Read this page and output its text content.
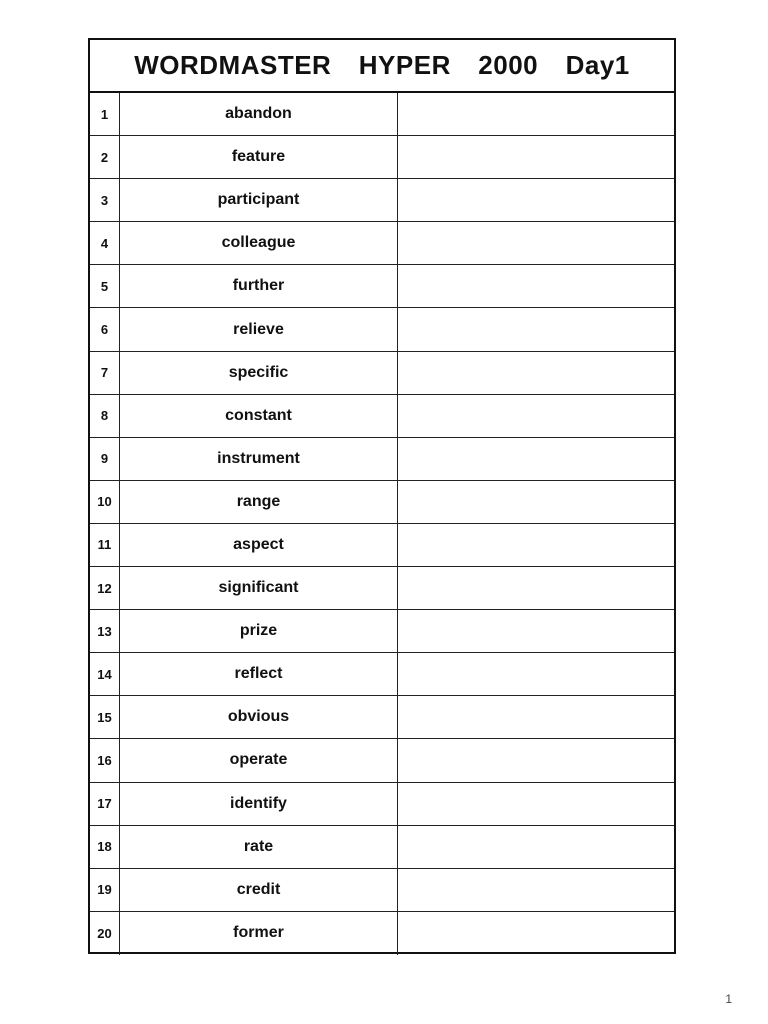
WORDMASTER  HYPER  2000  Day1
1	abandon
2	feature
3	participant
4	colleague
5	further
6	relieve
7	specific
8	constant
9	instrument
10	range
11	aspect
12	significant
13	prize
14	reflect
15	obvious
16	operate
17	identify
18	rate
19	credit
20	former
1
